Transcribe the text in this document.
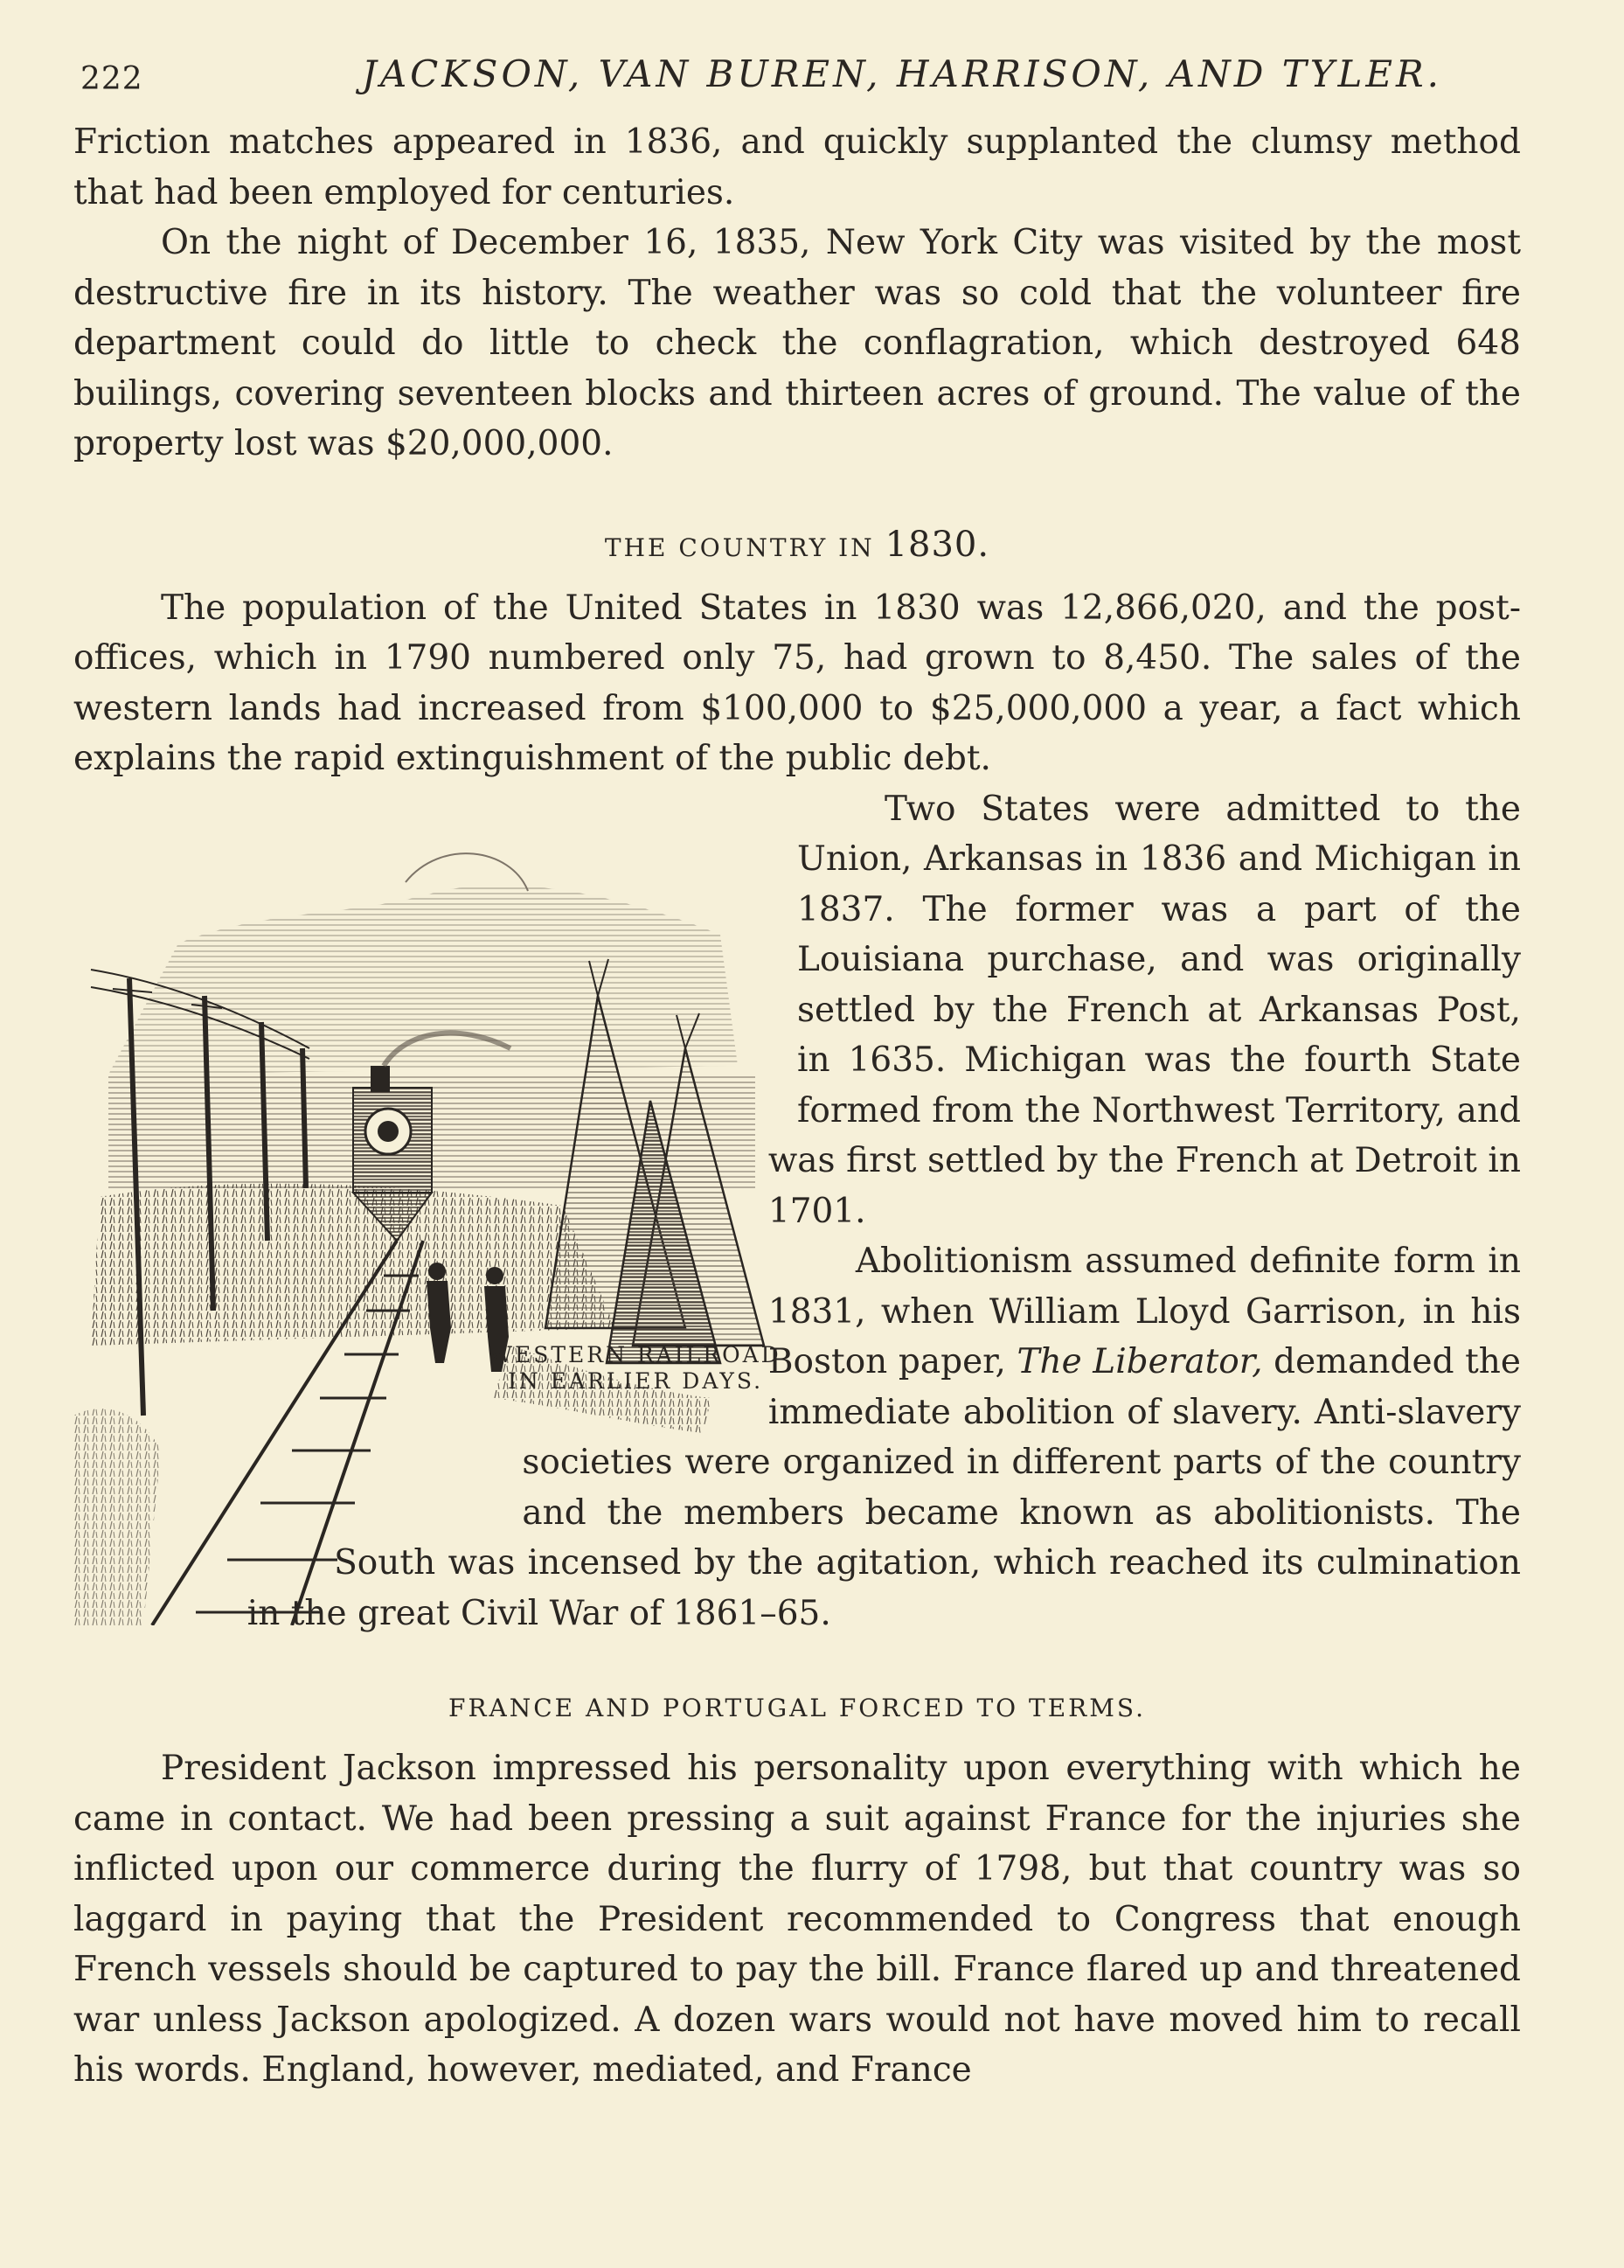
222	JACKSON, VAN BUREN, HARRISON, AND TYLER.

Friction matches appeared in 1836, and quickly supplanted the clumsy method that had been employed for centuries.

On the night of December 16, 1835, New York City was visited by the most destructive fire in its history. The weather was so cold that the volunteer fire department could do little to check the conflagration, which destroyed 648 builings, covering seventeen blocks and thirteen acres of ground. The value of the property lost was $20,000,000.

THE COUNTRY IN 1830.

The population of the United States in 1830 was 12,866,020, and the post-offices, which in 1790 numbered only 75, had grown to 8,450. The sales of the western lands had increased from $100,000 to $25,000,000 a year, a fact which explains the rapid extinguishment of the public debt.

WESTERN RAILROAD
IN EARLIER DAYS.

Two States were admitted to the Union, Arkansas in 1836 and Michigan in 1837. The former was a part of the Louisiana purchase, and was originally settled by the French at Arkansas Post, in 1635. Michigan was the fourth State formed from the Northwest Territory, and was first settled by the French at Detroit in 1701.

Abolitionism assumed definite form in 1831, when William Lloyd Garrison, in his Boston paper, The Liberator, demanded the immediate abolition of slavery. Anti-slavery societies were organized in different parts of the country and the members became known as abolitionists. The South was incensed by the agitation, which reached its culmination in the great Civil War of 1861–65.

FRANCE AND PORTUGAL FORCED TO TERMS.

President Jackson impressed his personality upon everything with which he came in contact. We had been pressing a suit against France for the injuries she inflicted upon our commerce during the flurry of 1798, but that country was so laggard in paying that the President recommended to Congress that enough French vessels should be captured to pay the bill. France flared up and threatened war unless Jackson apologized. A dozen wars would not have moved him to recall his words. England, however, mediated, and France
